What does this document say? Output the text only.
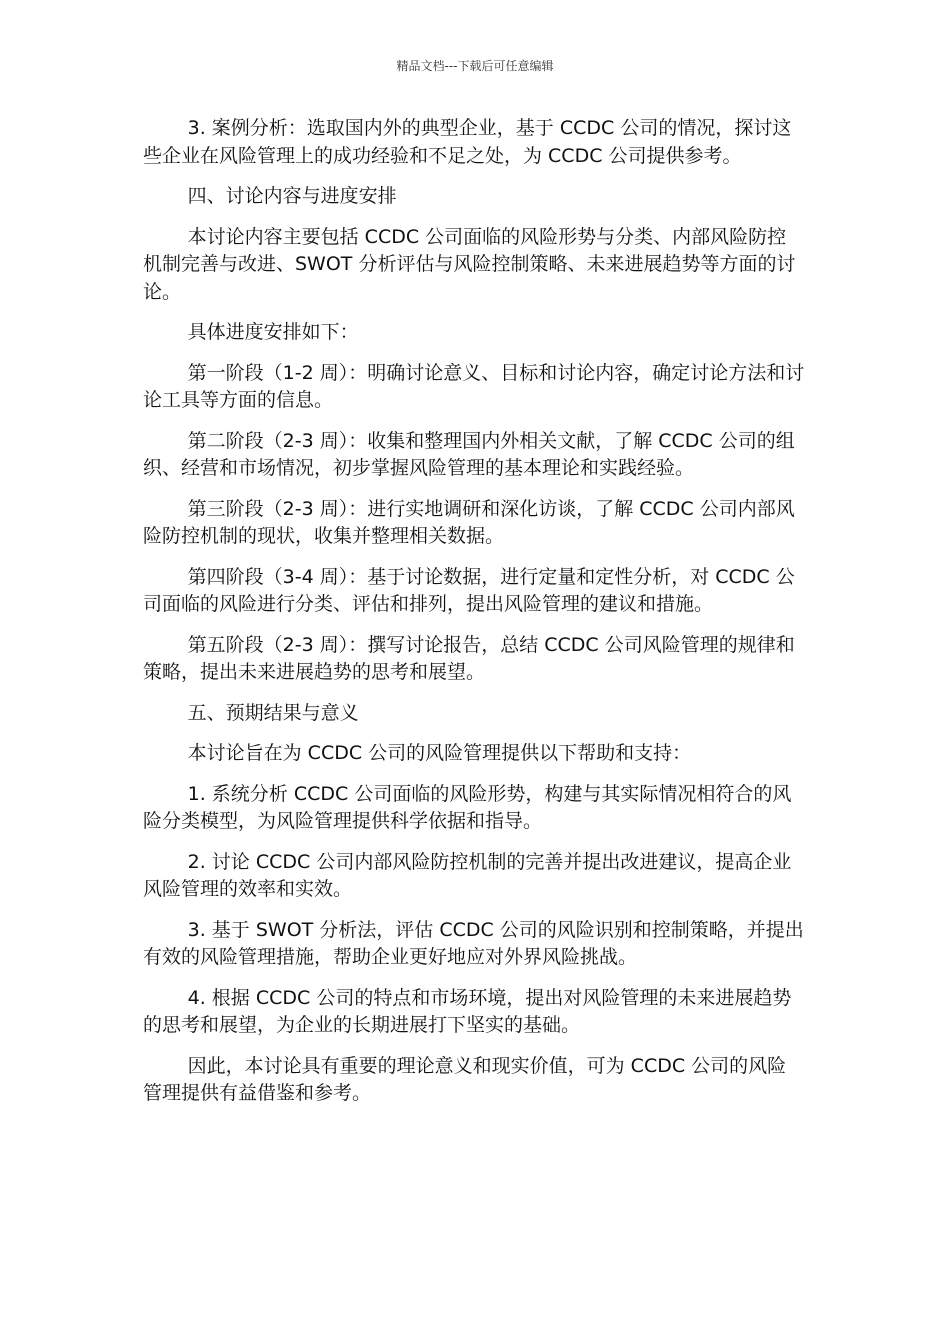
精品文档---下载后可任意编辑

3. 案例分析：选取国内外的典型企业，基于 CCDC 公司的情况，探讨这些企业在风险管理上的成功经验和不足之处，为 CCDC 公司提供参考。

四、讨论内容与进度安排

本讨论内容主要包括 CCDC 公司面临的风险形势与分类、内部风险防控机制完善与改进、SWOT 分析评估与风险控制策略、未来进展趋势等方面的讨论。

具体进度安排如下：

第一阶段（1-2 周）：明确讨论意义、目标和讨论内容，确定讨论方法和讨论工具等方面的信息。

第二阶段（2-3 周）：收集和整理国内外相关文献，了解 CCDC 公司的组织、经营和市场情况，初步掌握风险管理的基本理论和实践经验。

第三阶段（2-3 周）：进行实地调研和深化访谈，了解 CCDC 公司内部风险防控机制的现状，收集并整理相关数据。

第四阶段（3-4 周）：基于讨论数据，进行定量和定性分析，对 CCDC 公司面临的风险进行分类、评估和排列，提出风险管理的建议和措施。

第五阶段（2-3 周）：撰写讨论报告，总结 CCDC 公司风险管理的规律和策略，提出未来进展趋势的思考和展望。

五、预期结果与意义

本讨论旨在为 CCDC 公司的风险管理提供以下帮助和支持：

1. 系统分析 CCDC 公司面临的风险形势，构建与其实际情况相符合的风险分类模型，为风险管理提供科学依据和指导。

2. 讨论 CCDC 公司内部风险防控机制的完善并提出改进建议，提高企业风险管理的效率和实效。

3. 基于 SWOT 分析法，评估 CCDC 公司的风险识别和控制策略，并提出有效的风险管理措施，帮助企业更好地应对外界风险挑战。

4. 根据 CCDC 公司的特点和市场环境，提出对风险管理的未来进展趋势的思考和展望，为企业的长期进展打下坚实的基础。

因此，本讨论具有重要的理论意义和现实价值，可为 CCDC 公司的风险管理提供有益借鉴和参考。
